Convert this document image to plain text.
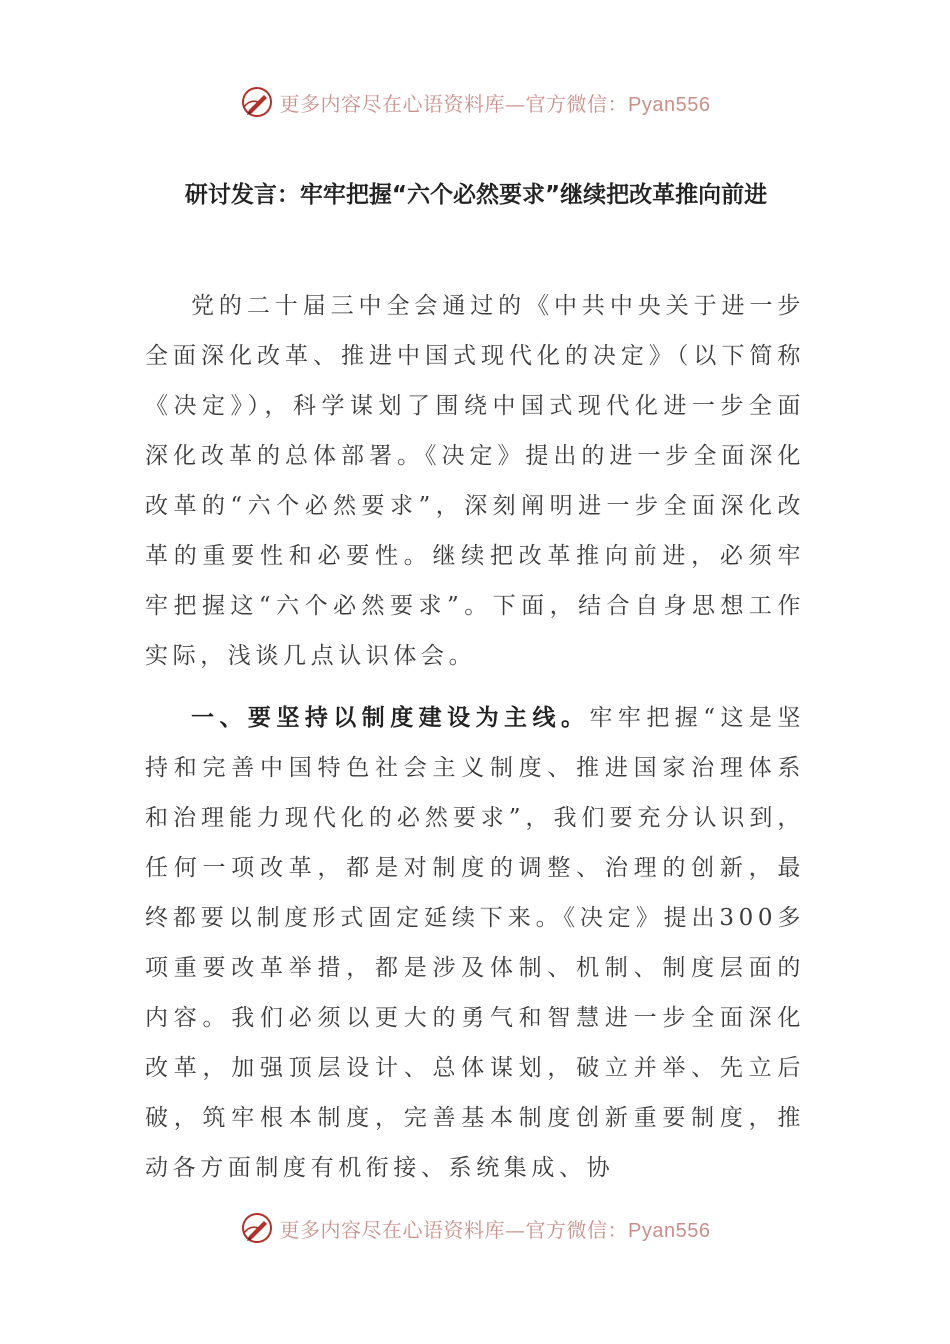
更多内容尽在心语资料库—官方微信：Pyan556
研讨发言：牢牢把握“六个必然要求”继续把改革推向前进

党的二十届三中全会通过的《中共中央关于进一步全面深化改革、推进中国式现代化的决定》（以下简称《决定》），科学谋划了围绕中国式现代化进一步全面深化改革的总体部署。《决定》提出的进一步全面深化改革的“六个必然要求”，深刻阐明进一步全面深化改革的重要性和必要性。继续把改革推向前进，必须牢牢把握这“六个必然要求”。下面，结合自身思想工作实际，浅谈几点认识体会。

一、要坚持以制度建设为主线。牢牢把握“这是坚持和完善中国特色社会主义制度、推进国家治理体系和治理能力现代化的必然要求”，我们要充分认识到，任何一项改革，都是对制度的调整、治理的创新，最终都要以制度形式固定延续下来。《决定》提出300多项重要改革举措，都是涉及体制、机制、制度层面的内容。我们必须以更大的勇气和智慧进一步全面深化改革，加强顶层设计、总体谋划，破立并举、先立后破，筑牢根本制度，完善基本制度创新重要制度，推动各方面制度有机衔接、系统集成、协

更多内容尽在心语资料库—官方微信：Pyan556
